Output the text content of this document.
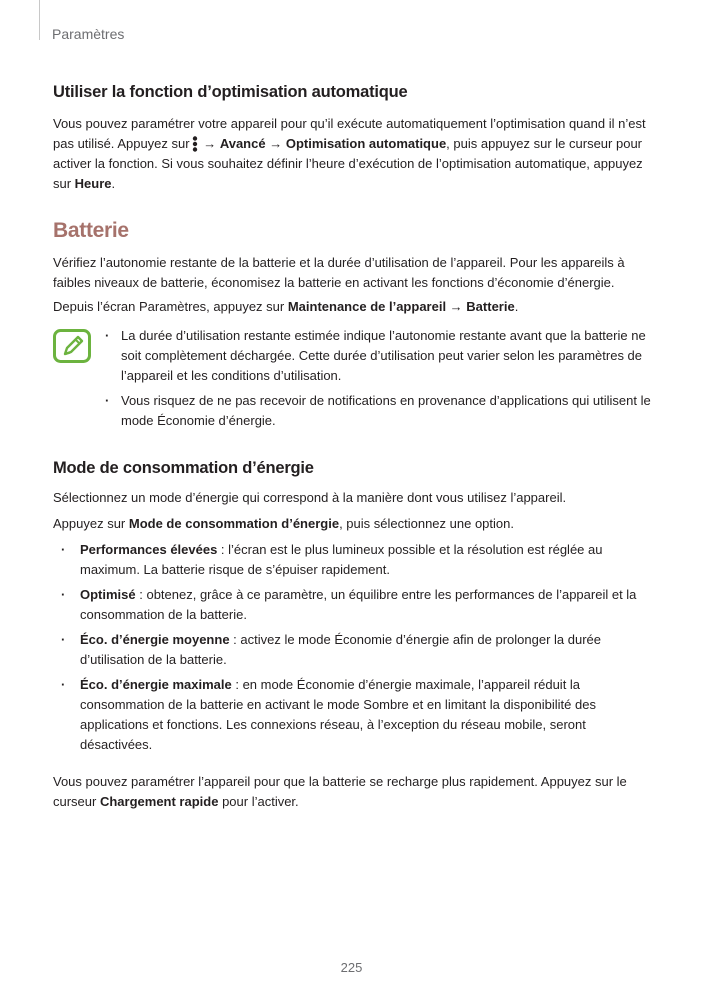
Paramètres
Utiliser la fonction d’optimisation automatique

Vous pouvez paramétrer votre appareil pour qu’il exécute automatiquement l’optimisation quand il n’est pas utilisé. Appuyez sur → Avancé → Optimisation automatique, puis appuyez sur le curseur pour activer la fonction. Si vous souhaitez définir l’heure d’exécution de l’optimisation automatique, appuyez sur Heure.

Batterie

Vérifiez l’autonomie restante de la batterie et la durée d’utilisation de l’appareil. Pour les appareils à faibles niveaux de batterie, économisez la batterie en activant les fonctions d’économie d’énergie.

Depuis l’écran Paramètres, appuyez sur Maintenance de l’appareil → Batterie.

· La durée d’utilisation restante estimée indique l’autonomie restante avant que la batterie ne soit complètement déchargée. Cette durée d’utilisation peut varier selon les paramètres de l’appareil et les conditions d’utilisation.
· Vous risquez de ne pas recevoir de notifications en provenance d’applications qui utilisent le mode Économie d’énergie.
Mode de consommation d’énergie

Sélectionnez un mode d’énergie qui correspond à la manière dont vous utilisez l’appareil.

Appuyez sur Mode de consommation d’énergie, puis sélectionnez une option.

· Performances élevées : l’écran est le plus lumineux possible et la résolution est réglée au maximum. La batterie risque de s’épuiser rapidement.
· Optimisé : obtenez, grâce à ce paramètre, un équilibre entre les performances de l’appareil et la consommation de la batterie.
· Éco. d’énergie moyenne : activez le mode Économie d’énergie afin de prolonger la durée d’utilisation de la batterie.
· Éco. d’énergie maximale : en mode Économie d’énergie maximale, l’appareil réduit la consommation de la batterie en activant le mode Sombre et en limitant la disponibilité des applications et fonctions. Les connexions réseau, à l’exception du réseau mobile, seront désactivées.

Vous pouvez paramétrer l’appareil pour que la batterie se recharge plus rapidement. Appuyez sur le curseur Chargement rapide pour l’activer.

225
